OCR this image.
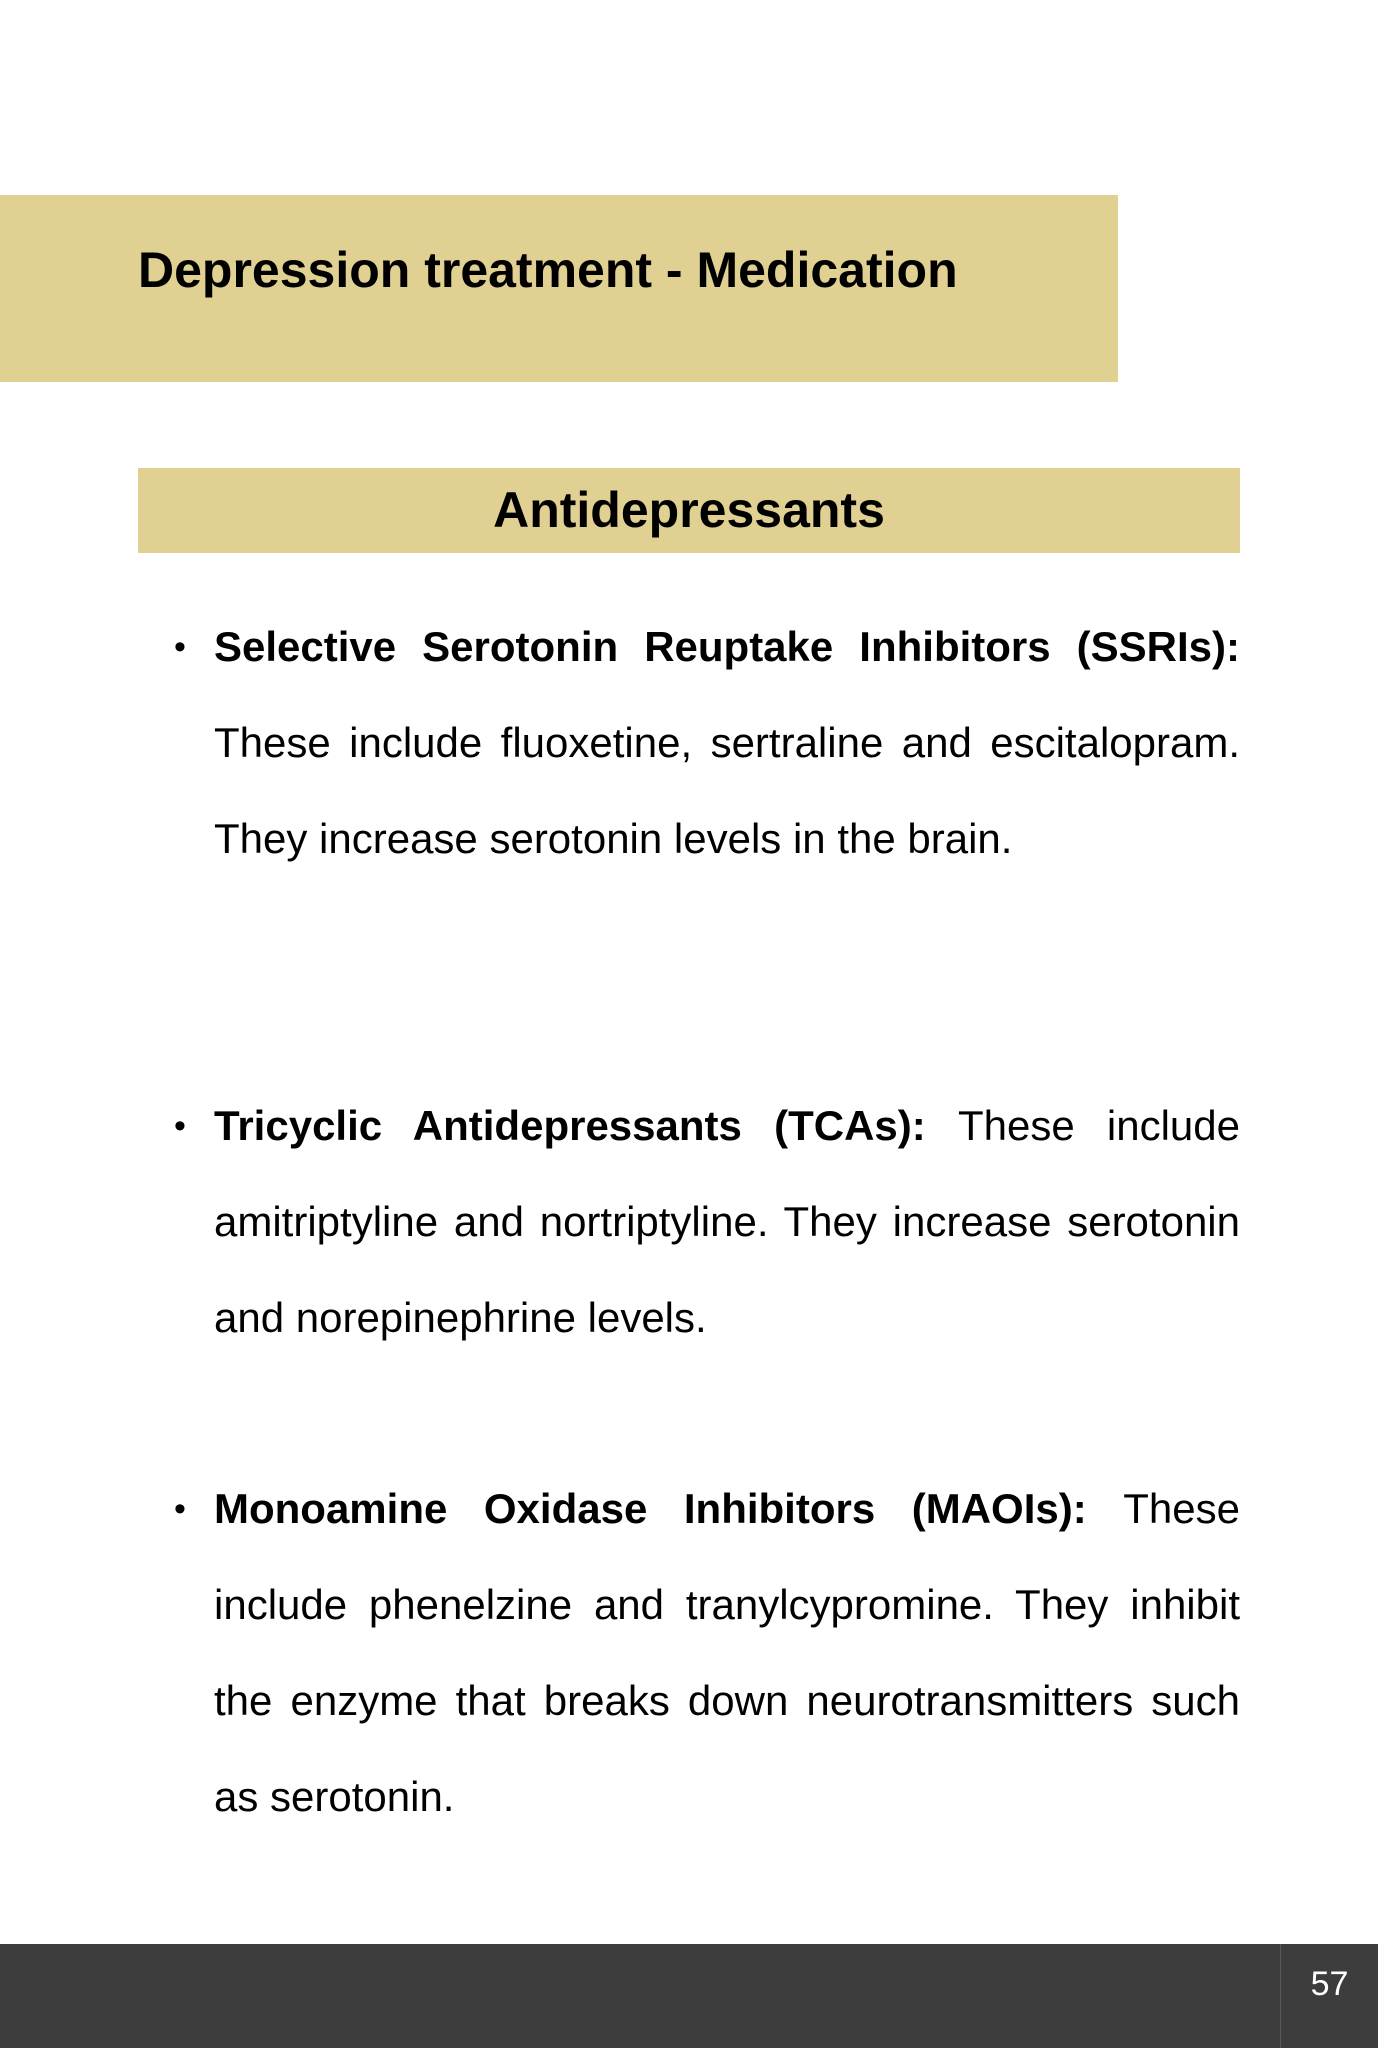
Depression treatment - Medication
Antidepressants
• Selective Serotonin Reuptake Inhibitors (SSRIs): These include fluoxetine, sertraline and escitalopram. They increase serotonin levels in the brain.
• Tricyclic Antidepressants (TCAs): These include amitriptyline and nortriptyline. They increase serotonin and norepinephrine levels.
• Monoamine Oxidase Inhibitors (MAOIs): These include phenelzine and tranylcypromine. They inhibit the enzyme that breaks down neurotransmitters such as serotonin.
57
